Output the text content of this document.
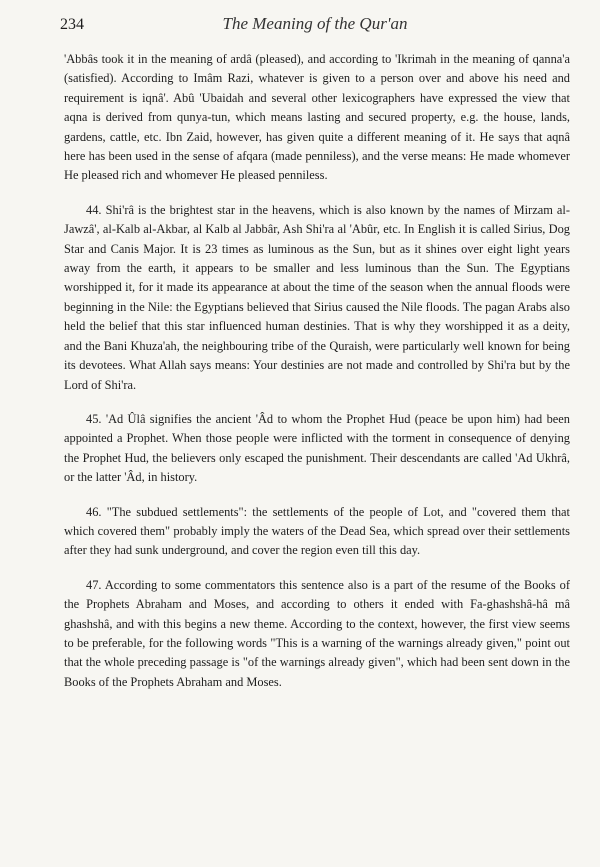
234	The Meaning of the Qur'an

'Abbâs took it in the meaning of ardâ (pleased), and according to 'Ikrimah in the meaning of qanna'a (satisfied). According to Imâm Razi, whatever is given to a person over and above his need and requirement is iqnâ'. Abû 'Ubaidah and several other lexicographers have expressed the view that aqna is derived from qunya-tun, which means lasting and secured property, e.g. the house, lands, gardens, cattle, etc. Ibn Zaid, however, has given quite a different meaning of it. He says that aqnâ here has been used in the sense of afqara (made penniless), and the verse means: He made whomever He pleased rich and whomever He pleased penniless.

44. Shi'râ is the brightest star in the heavens, which is also known by the names of Mirzam al- Jawzâ', al-Kalb al-Akbar, al Kalb al Jabbâr, Ash Shi'ra al 'Abûr, etc. In English it is called Sirius, Dog Star and Canis Major. It is 23 times as luminous as the Sun, but as it shines over eight light years away from the earth, it appears to be smaller and less luminous than the Sun. The Egyptians worshipped it, for it made its appearance at about the time of the season when the annual floods were beginning in the Nile: the Egyptians believed that Sirius caused the Nile floods. The pagan Arabs also held the belief that this star influenced human destinies. That is why they worshipped it as a deity, and the Bani Khuza'ah, the neighbouring tribe of the Quraish, were particularly well known for being its devotees. What Allah says means: Your destinies are not made and controlled by Shi'ra but by the Lord of Shi'ra.

45. 'Ad Ûlâ signifies the ancient 'Âd to whom the Prophet Hud (peace be upon him) had been appointed a Prophet. When those people were inflicted with the torment in consequence of denying the Prophet Hud, the believers only escaped the punishment. Their descendants are called 'Ad Ukhrâ, or the latter 'Âd, in history.

46. "The subdued settlements": the settlements of the people of Lot, and "covered them that which covered them" probably imply the waters of the Dead Sea, which spread over their settlements after they had sunk underground, and cover the region even till this day.

47. According to some commentators this sentence also is a part of the resume of the Books of the Prophets Abraham and Moses, and according to others it ended with Fa-ghashshâ-hâ mâ ghashshâ, and with this begins a new theme. According to the context, however, the first view seems to be preferable, for the following words "This is a warning of the warnings already given," point out that the whole preceding passage is "of the warnings already given", which had been sent down in the Books of the Prophets Abraham and Moses.
